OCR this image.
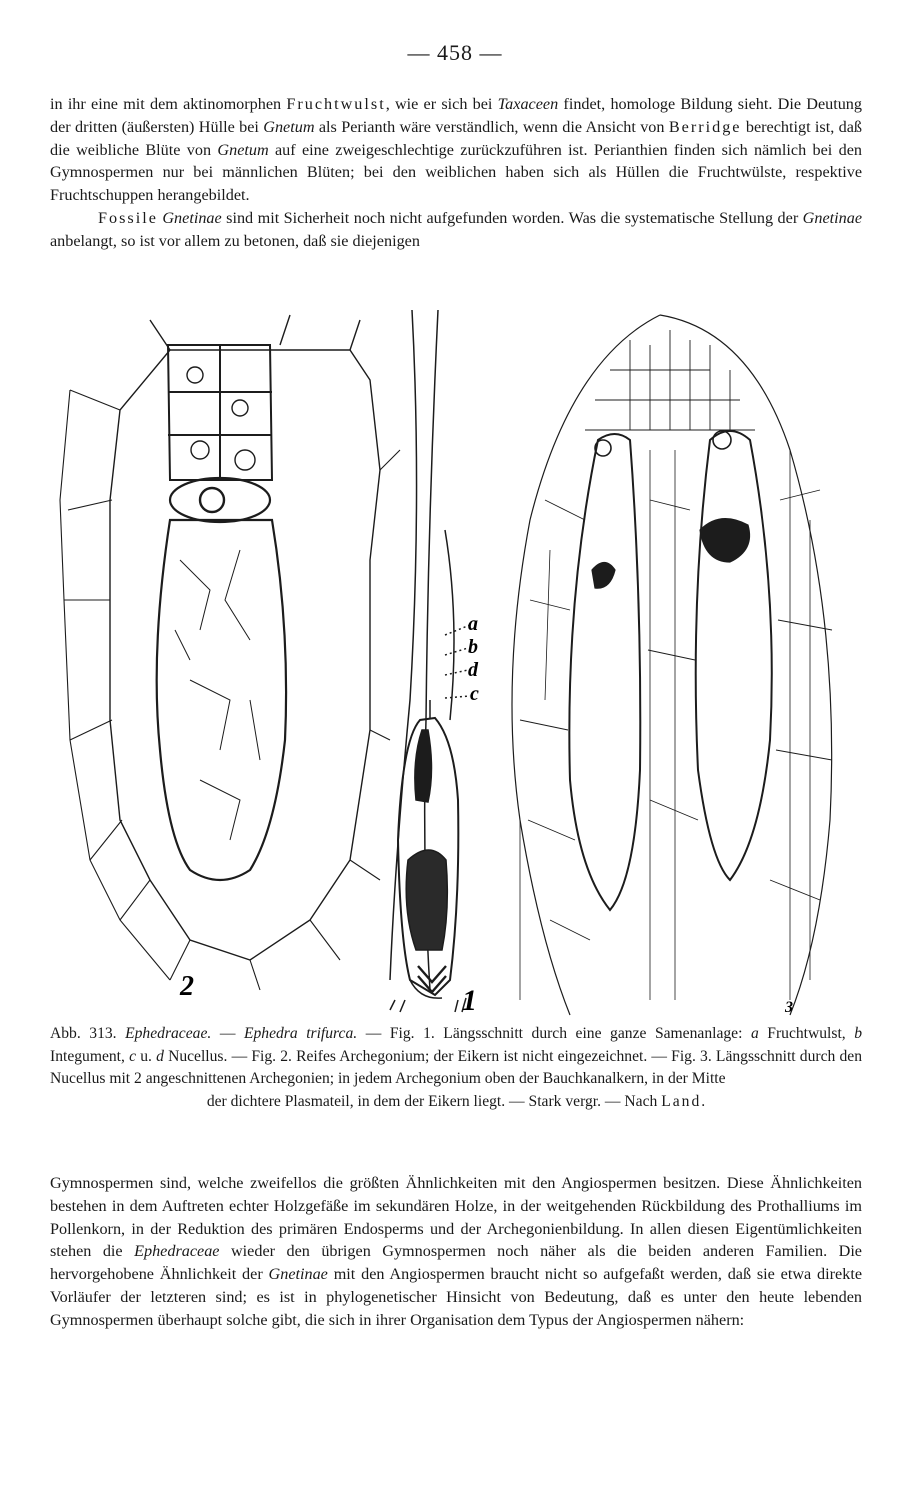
— 458 —

in ihr eine mit dem aktinomorphen Fruchtwulst, wie er sich bei Taxaceen findet, homologe Bildung sieht. Die Deutung der dritten (äußersten) Hülle bei Gnetum als Perianth wäre verständlich, wenn die Ansicht von Berridge berechtigt ist, daß die weibliche Blüte von Gnetum auf eine zweigeschlechtige zurückzuführen ist. Perianthien finden sich nämlich bei den Gymnospermen nur bei männlichen Blüten; bei den weiblichen haben sich als Hüllen die Fruchtwülste, respektive Fruchtschuppen herangebildet.

Fossile Gnetinae sind mit Sicherheit noch nicht aufgefunden worden. Was die systematische Stellung der Gnetinae anbelangt, so ist vor allem zu betonen, daß sie diejenigen

2
a
b
d
c
1	3
Abb. 313. Ephedraceae. — Ephedra trifurca. — Fig. 1. Längsschnitt durch eine ganze Samenanlage: a Fruchtwulst, b Integument, c u. d Nucellus. — Fig. 2. Reifes Archegonium; der Eikern ist nicht eingezeichnet. — Fig. 3. Längsschnitt durch den Nucellus mit 2 angeschnittenen Archegonien; in jedem Archegonium oben der Bauchkanalkern, in der Mitte
der dichtere Plasmateil, in dem der Eikern liegt. — Stark vergr. — Nach Land.

Gymnospermen sind, welche zweifellos die größten Ähnlichkeiten mit den Angiospermen besitzen. Diese Ähnlichkeiten bestehen in dem Auftreten echter Holzgefäße im sekundären Holze, in der weitgehenden Rückbildung des Prothalliums im Pollenkorn, in der Reduktion des primären Endosperms und der Archegonienbildung. In allen diesen Eigentümlichkeiten stehen die Ephedraceae wieder den übrigen Gymnospermen noch näher als die beiden anderen Familien. Die hervorgehobene Ähnlichkeit der Gnetinae mit den Angiospermen braucht nicht so aufgefaßt werden, daß sie etwa direkte Vorläufer der letzteren sind; es ist in phylogenetischer Hinsicht von Bedeutung, daß es unter den heute lebenden Gymnospermen überhaupt solche gibt, die sich in ihrer Organisation dem Typus der Angiospermen nähern:
